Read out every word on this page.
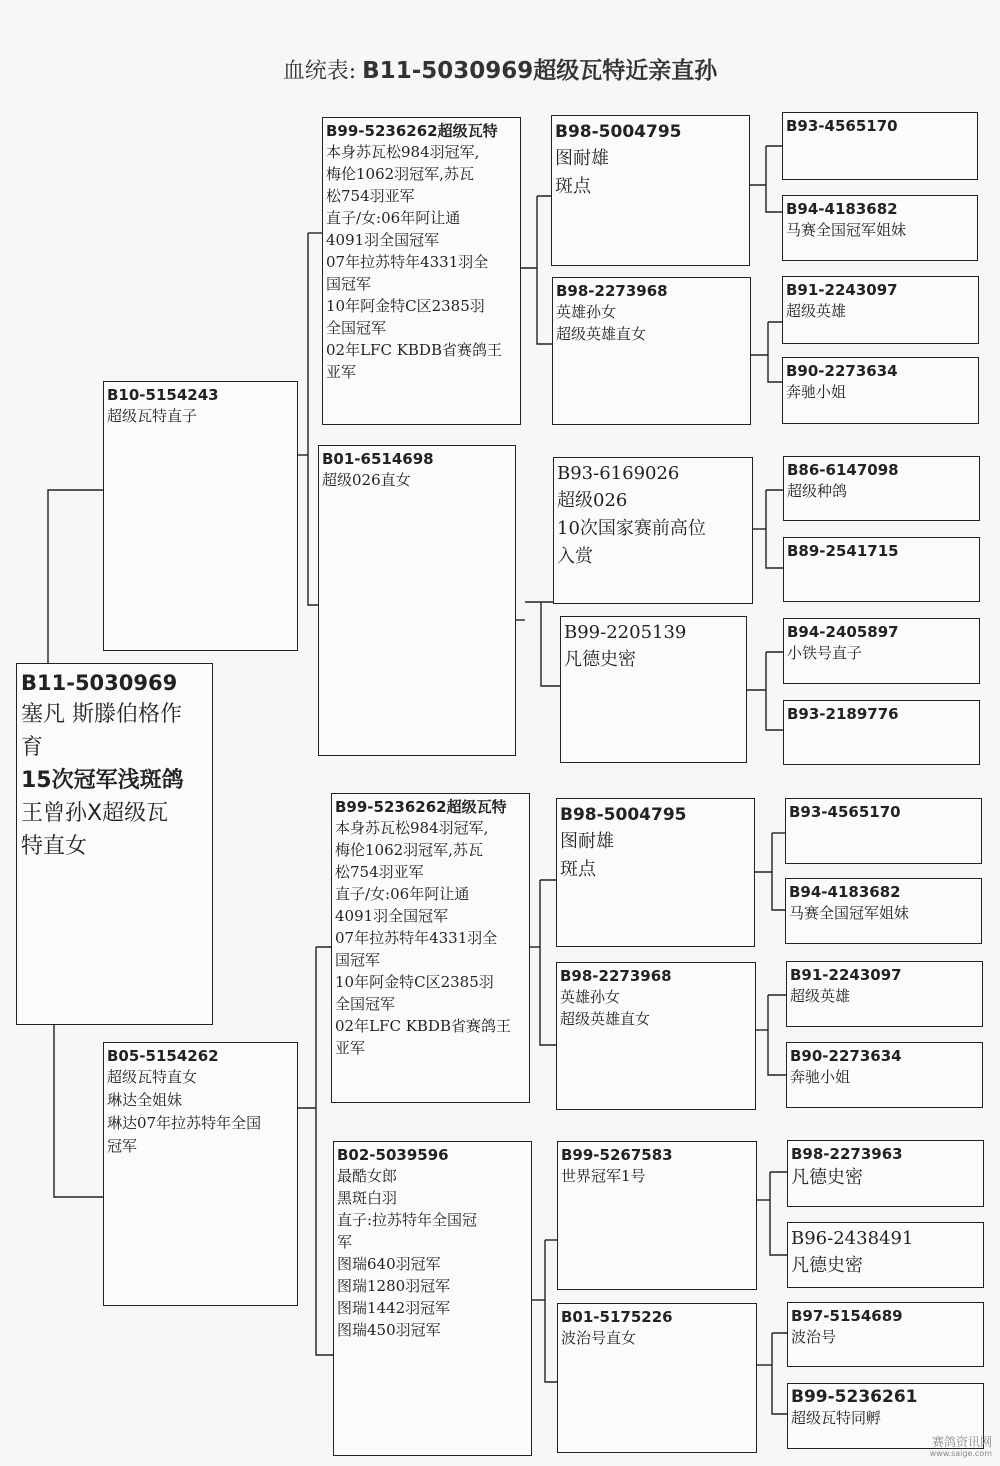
血统表: B11-5030969超级瓦特近亲直孙
B11-5030969
塞凡 斯滕伯格作
育
15次冠军浅斑鸽
王曾孙X超级瓦
特直女
B10-5154243
超级瓦特直子
B05-5154262
超级瓦特直女
琳达全姐妹
琳达07年拉苏特年全国
冠军
B99-5236262超级瓦特
本身苏瓦松984羽冠军,
梅伦1062羽冠军,苏瓦
松754羽亚军
直子/女:06年阿让通
4091羽全国冠军
07年拉苏特年4331羽全
国冠军
10年阿金特C区2385羽
全国冠军
02年LFC KBDB省赛鸽王
亚军
B01-6514698
超级026直女
B99-5236262超级瓦特
本身苏瓦松984羽冠军,
梅伦1062羽冠军,苏瓦
松754羽亚军
直子/女:06年阿让通
4091羽全国冠军
07年拉苏特年4331羽全
国冠军
10年阿金特C区2385羽
全国冠军
02年LFC KBDB省赛鸽王
亚军
B02-5039596
最酷女郎
黑斑白羽
直子:拉苏特年全国冠
军
图瑞640羽冠军
图瑞1280羽冠军
图瑞1442羽冠军
图瑞450羽冠军
B98-5004795
图耐雄
斑点
B98-2273968
英雄孙女
超级英雄直女
B93-6169026
超级026
10次国家赛前高位
入赏
B99-2205139
凡德史密
B98-5004795
图耐雄
斑点
B98-2273968
英雄孙女
超级英雄直女
B99-5267583
世界冠军1号
B01-5175226
波治号直女
B93-4565170
B94-4183682
马赛全国冠军姐妹
B91-2243097
超级英雄
B90-2273634
奔驰小姐
B86-6147098
超级种鸽
B89-2541715
B94-2405897
小铁号直子
B93-2189776
B93-4565170
B94-4183682
马赛全国冠军姐妹
B91-2243097
超级英雄
B90-2273634
奔驰小姐
B98-2273963
凡德史密
B96-2438491
凡德史密
B97-5154689
波治号
B99-5236261
超级瓦特同孵
赛鸽资讯网
www.saige.com
